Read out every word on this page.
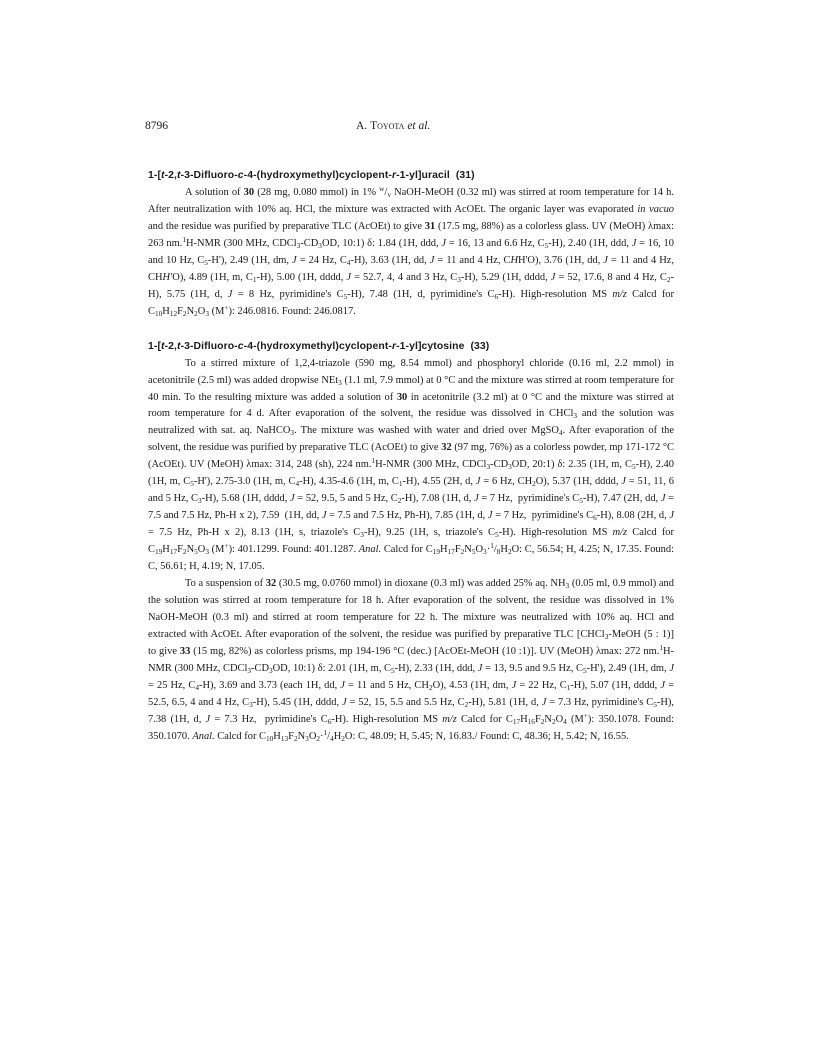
8796	A. Toyota et al.
1-[t-2,t-3-Difluoro-c-4-(hydroxymethyl)cyclopent-r-1-yl]uracil  (31)

A solution of 30 (28 mg, 0.080 mmol) in 1% $^w/_v$ NaOH-MeOH (0.32 ml) was stirred at room temperature for 14 h. After neutralization with 10% aq. HCl, the mixture was extracted with AcOEt. The organic layer was evaporated in vacuo and the residue was purified by preparative TLC (AcOEt) to give 31 (17.5 mg, 88%) as a colorless glass. UV (MeOH) λmax: 263 nm.$^1$H-NMR (300 MHz, $CDCl_3-CD_3OD$, 10:1) δ: 1.84 (1H, ddd, J = 16, 13 and 6.6 Hz, $C_5-H$), 2.40 (1H, ddd, J = 16, 10 and 10 Hz, $C_5-H'$), 2.49 (1H, dm, J = 24 Hz, $C_4-H$), 3.63 (1H, dd, J = 11 and 4 Hz, CHH'O), 3.76 (1H, dd, J = 11 and 4 Hz, CHH'O), 4.89 (1H, m, $C_1-H$), 5.00 (1H, dddd, J = 52.7, 4, 4 and 3 Hz, $C_3-H$), 5.29 (1H, dddd, J = 52, 17.6, 8 and 4 Hz, $C_2-H$), 5.75 (1H, d, J = 8 Hz, pyrimidine's $C_5-H$), 7.48 (1H, d, pyrimidine's $C_6-H$). High-resolution MS m/z Calcd for $C_{10}H_{12}F_2N_2O_3$ (M+): 246.0816. Found: 246.0817.

1-[t-2,t-3-Difluoro-c-4-(hydroxymethyl)cyclopent-r-1-yl]cytosine  (33)

To a stirred mixture of 1,2,4-triazole (590 mg, 8.54 mmol) and phosphoryl chloride (0.16 ml, 2.2 mmol) in acetonitrile (2.5 ml) was added dropwise NEt$_3$ (1.1 ml, 7.9 mmol) at 0 °C and the mixture was stirred at room temperature for 40 min. To the resulting mixture was added a solution of 30 in acetonitrile (3.2 ml) at 0 °C and the mixture was stirred at room temperature for 4 d. After evaporation of the solvent, the residue was dissolved in CHCl$_3$ and the solution was neutralized with sat. aq. NaHCO$_3$. The mixture was washed with water and dried over MgSO$_4$. After evaporation of the solvent, the residue was purified by preparative TLC (AcOEt) to give 32 (97 mg, 76%) as a colorless powder, mp 171-172 °C (AcOEt). UV (MeOH) λmax: 314, 248 (sh), 224 nm.$^1$H-NMR (300 MHz, $CDCl_3-CD_3OD$, 20:1) δ: 2.35 (1H, m, $C_5-H$), 2.40 (1H, m, $C_5-H'$), 2.75-3.0 (1H, m, $C_4-H$), 4.35-4.6 (1H, m, $C_1-H$), 4.55 (2H, d, J = 6 Hz, $CH_2O$), 5.37 (1H, dddd, J = 51, 11, 6 and 5 Hz, $C_3-H$), 5.68 (1H, dddd, J = 52, 9.5, 5 and 5 Hz, $C_2-H$), 7.08 (1H, d, J = 7 Hz,  pyrimidine's $C_5-H$), 7.47 (2H, dd, J = 7.5 and 7.5 Hz, Ph-H x 2), 7.59  (1H, dd, J = 7.5 and 7.5 Hz, Ph-H), 7.85 (1H, d, J = 7 Hz,  pyrimidine's $C_6-H$), 8.08 (2H, d, J = 7.5 Hz, Ph-H x 2), 8.13 (1H, s, triazole's $C_3-H$), 9.25 (1H, s, triazole's $C_5-H$). High-resolution MS m/z Calcd for $C_{19}H_{17}F_2N_5O_3$ (M+): 401.1299. Found: 401.1287. Anal. Calcd for $C_{19}H_{17}F_2N_5O_3\cdot^1/_8H_2O$: C, 56.54; H, 4.25; N, 17.35. Found: C, 56.61; H, 4.19; N, 17.05.

To a suspension of 32 (30.5 mg, 0.0760 mmol) in dioxane (0.3 ml) was added 25% aq. $NH_3$ (0.05 ml, 0.9 mmol) and the solution was stirred at room temperature for 18 h. After evaporation of the solvent, the residue was dissolved in 1% NaOH-MeOH (0.3 ml) and stirred at room temperature for 22 h. The mixture was neutralized with 10% aq. HCl and extracted with AcOEt. After evaporation of the solvent, the residue was purified by preparative TLC [CHCl$_3$-MeOH (5 : 1)] to give 33 (15 mg, 82%) as colorless prisms, mp 194-196 °C (dec.) [AcOEt-MeOH (10 :1)]. UV (MeOH) λmax: 272 nm.$^1$H-NMR (300 MHz, $CDCl_3-CD_3OD$, 10:1) δ: 2.01 (1H, m, $C_5-H$), 2.33 (1H, ddd, J = 13, 9.5 and 9.5 Hz, $C_5-H'$), 2.49 (1H, dm, J = 25 Hz, $C_4-H$), 3.69 and 3.73 (each 1H, dd, J = 11 and 5 Hz, $CH_2O$), 4.53 (1H, dm, J = 22 Hz, $C_1-H$), 5.07 (1H, dddd, J = 52.5, 6.5, 4 and 4 Hz, $C_3-H$), 5.45 (1H, dddd, J = 52, 15, 5.5 and 5.5 Hz, $C_2-H$), 5.81 (1H, d, J = 7.3 Hz, pyrimidine's $C_5-H$), 7.38 (1H, d, J = 7.3 Hz,  pyrimidine's $C_6-H$). High-resolution MS m/z Calcd for $C_{17}H_{16}F_2N_2O_4$ (M+): 350.1078. Found: 350.1070. Anal. Calcd for $C_{10}H_{13}F_2N_3O_2\cdot^1/_4H_2O$: C, 48.09; H, 5.45; N, 16.83./ Found: C, 48.36; H, 5.42; N, 16.55.
